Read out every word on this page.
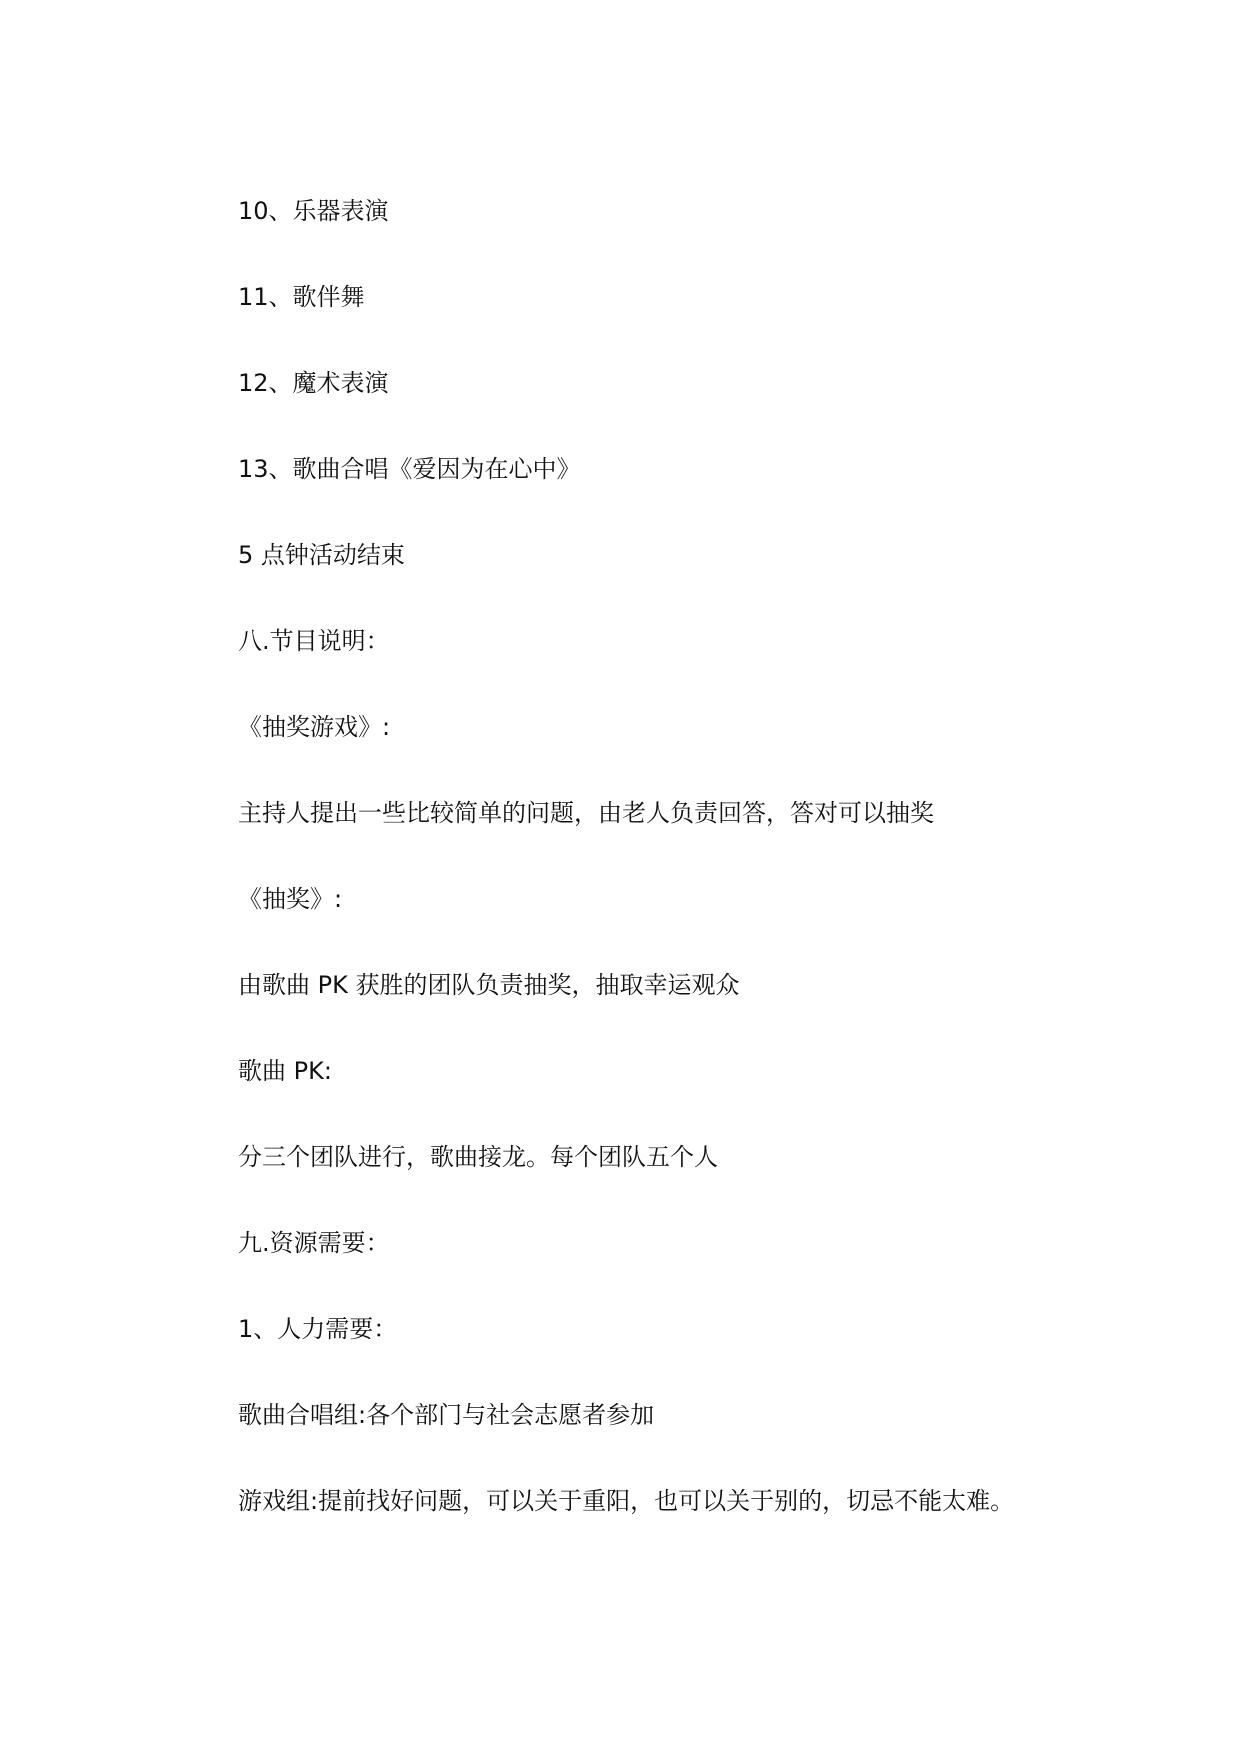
10、乐器表演
11、歌伴舞
12、魔术表演
13、歌曲合唱《爱因为在心中》
5 点钟活动结束
八.节目说明：
《抽奖游戏》:
主持人提出一些比较简单的问题，由老人负责回答，答对可以抽奖
《抽奖》:
由歌曲 PK 获胜的团队负责抽奖，抽取幸运观众
歌曲 PK:
分三个团队进行，歌曲接龙。每个团队五个人
九.资源需要：
1、人力需要：
歌曲合唱组:各个部门与社会志愿者参加
游戏组:提前找好问题，可以关于重阳，也可以关于别的，切忌不能太难。
